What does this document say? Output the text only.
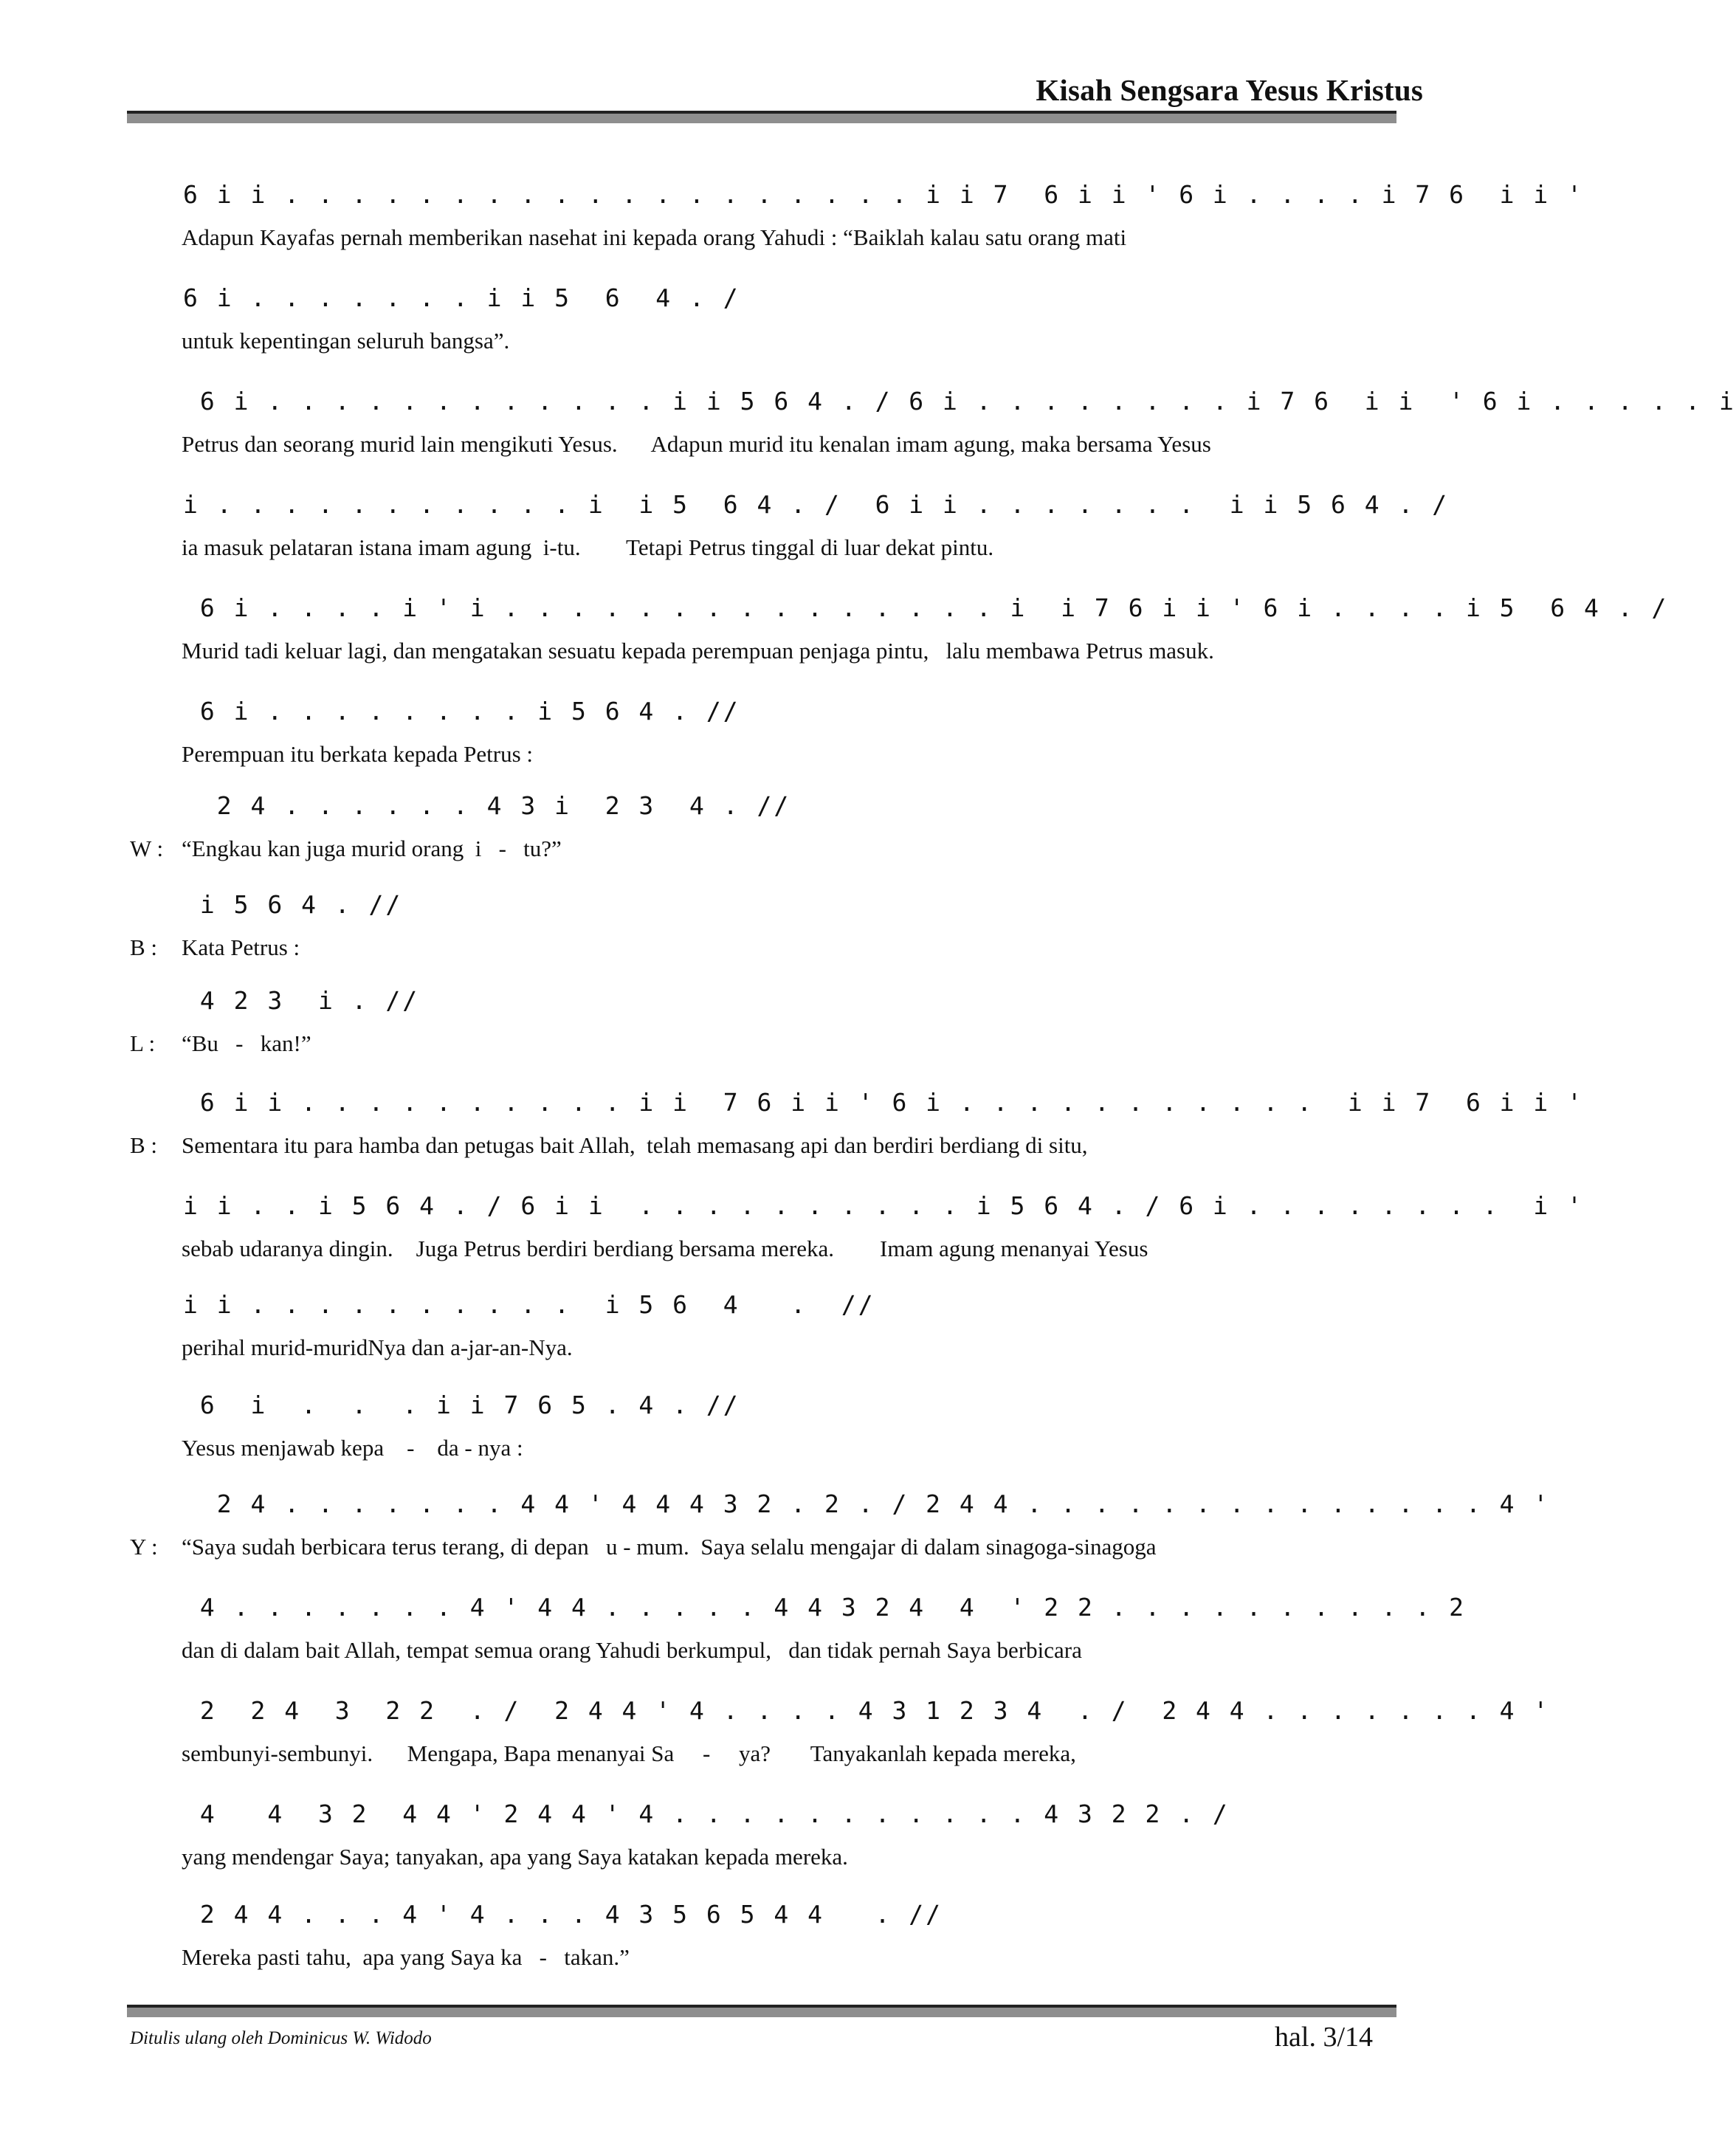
Kisah Sengsara Yesus Kristus
6 i i . . . . . . . . . . . . . . . . . . . i i 7  6 i i ' 6 i . . . . i 7 6  i i '
Adapun Kayafas pernah memberikan nasehat ini kepada orang Yahudi : “Baiklah kalau satu orang mati
6 i . . . . . . . i i 5  6  4 . /
untuk kepentingan seluruh bangsa”.
6 i . . . . . . . . . . . . i i 5 6 4 . / 6 i . . . . . . . . i 7 6  i i  ' 6 i . . . . . i
Petrus dan seorang murid lain mengikuti Yesus.      Adapun murid itu kenalan imam agung, maka bersama Yesus
i . . . . . . . . . . . i  i 5  6 4 . /  6 i i . . . . . . .  i i 5 6 4 . /
ia masuk pelataran istana imam agung  i-tu.        Tetapi Petrus tinggal di luar dekat pintu.
6 i . . . . i ' i . . . . . . . . . . . . . . . i  i 7 6 i i ' 6 i . . . . i 5  6 4 . /
Murid tadi keluar lagi, dan mengatakan sesuatu kepada perempuan penjaga pintu,   lalu membawa Petrus masuk.
6 i . . . . . . . . i 5 6 4 . //
Perempuan itu berkata kepada Petrus :
2 4 . . . . . . 4 3 i  2 3  4 . //
W : “Engkau kan juga murid orang  i   -   tu?”
i 5 6 4 . //
B : Kata Petrus :
4 2 3  i . //
L : “Bu   -   kan!”
6 i i . . . . . . . . . . i i  7 6 i i ' 6 i . . . . . . . . . . .  i i 7  6 i i '
B : Sementara itu para hamba dan petugas bait Allah,  telah memasang api dan berdiri berdiang di situ,
i i . . i 5 6 4 . / 6 i i  . . . . . . . . . . i 5 6 4 . / 6 i . . . . . . . .  i '
sebab udaranya dingin.    Juga Petrus berdiri berdiang bersama mereka.        Imam agung menanyai Yesus
i i . . . . . . . . . .  i 5 6  4   .  //
perihal murid-muridNya dan a-jar-an-Nya.
6  i  .  .  . i i 7 6 5 . 4 . //
Yesus menjawab kepa    -    da - nya :
2 4 . . . . . . . 4 4 ' 4 4 4 3 2 . 2 . / 2 4 4 . . . . . . . . . . . . . . 4 '
Y : “Saya sudah berbicara terus terang, di depan   u - mum.  Saya selalu mengajar di dalam sinagoga-sinagoga
4 . . . . . . . 4 ' 4 4 . . . . . 4 4 3 2 4  4  ' 2 2 . . . . . . . . . . 2
dan di dalam bait Allah, tempat semua orang Yahudi berkumpul,   dan tidak pernah Saya berbicara
2  2 4  3  2 2  . /  2 4 4 ' 4 . . . . 4 3 1 2 3 4  . /  2 4 4 . . . . . . . 4 '
sembunyi-sembunyi.      Mengapa, Bapa menanyai Sa     -     ya?       Tanyakanlah kepada mereka,
4   4  3 2  4 4 ' 2 4 4 ' 4 . . . . . . . . . . . 4 3 2 2 . /
yang mendengar Saya; tanyakan, apa yang Saya katakan kepada mereka.
2 4 4 . . . 4 ' 4 . . . 4 3 5 6 5 4 4   . //
Mereka pasti tahu,  apa yang Saya ka   -   takan.”
Ditulis ulang oleh Dominicus W. Widodo	hal. 3/14
